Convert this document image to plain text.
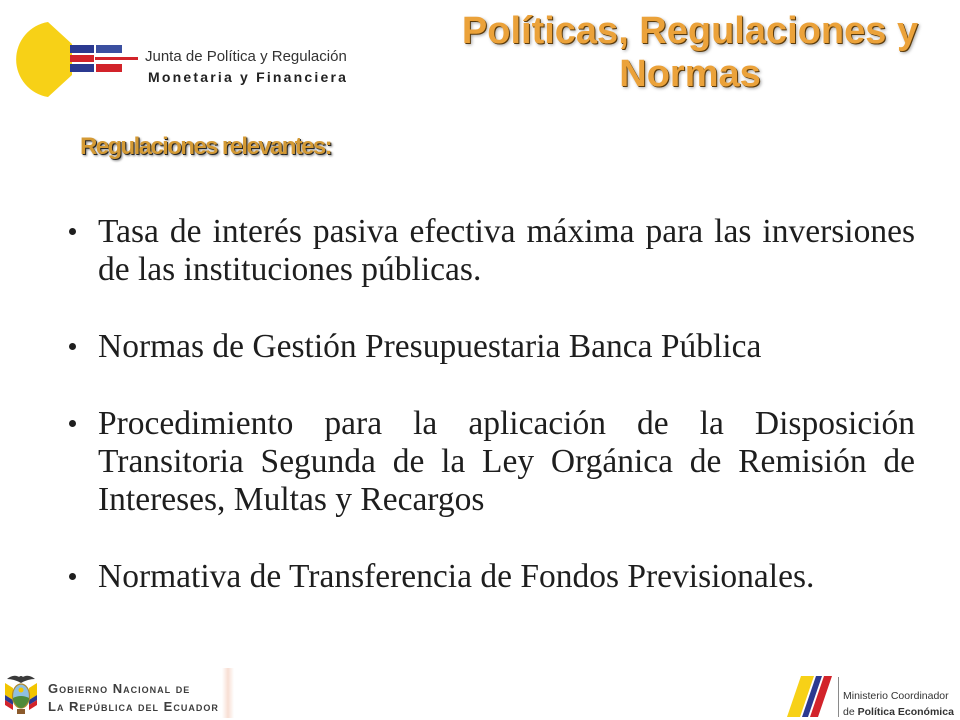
Junta de Política y Regulación
Monetaria y Financiera
Políticas, Regulaciones y Normas
Regulaciones relevantes:
Tasa de interés pasiva efectiva máxima para las inversiones de las instituciones públicas.
Normas de Gestión Presupuestaria Banca Pública
Procedimiento para la aplicación de la Disposición Transitoria Segunda de la Ley Orgánica de Remisión de Intereses, Multas y Recargos
Normativa de Transferencia de Fondos Previsionales.
Gobierno Nacional de
La República del Ecuador
Ministerio Coordinador
de Política Económica
